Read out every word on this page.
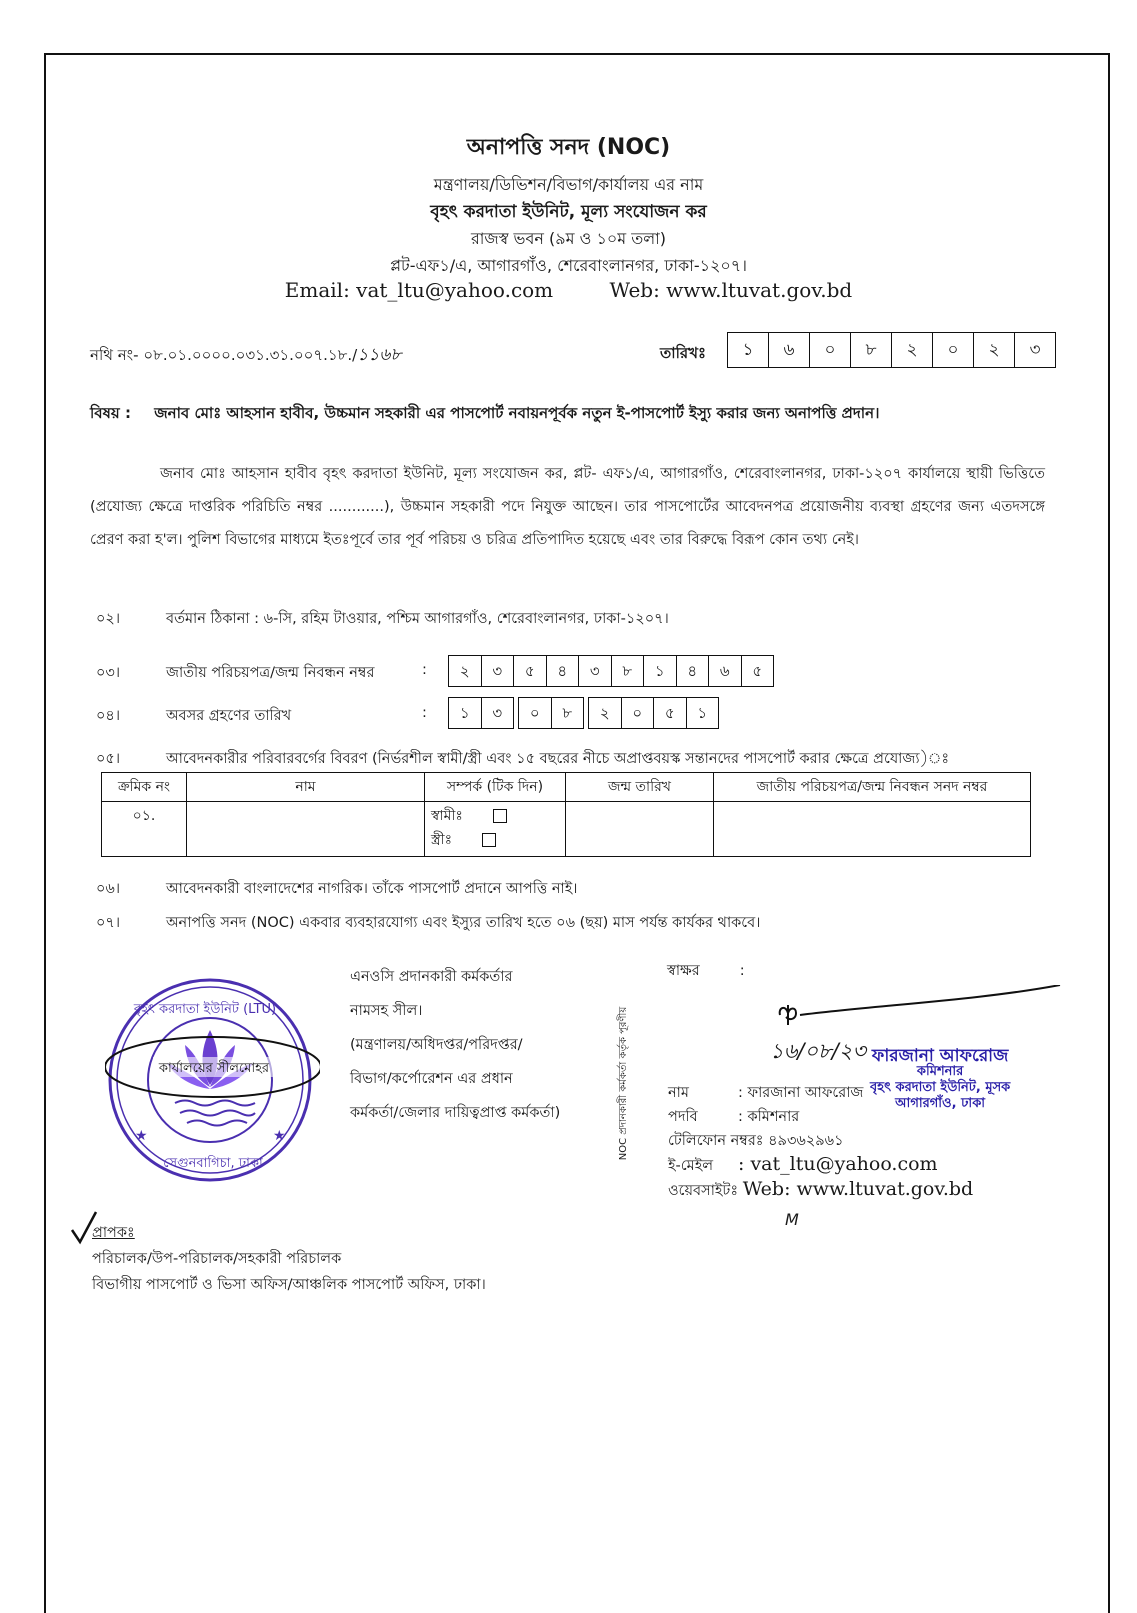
অনাপত্তি সনদ (NOC)
মন্ত্রণালয়/ডিভিশন/বিভাগ/কার্যালয় এর নাম
বৃহৎ করদাতা ইউনিট, মূল্য সংযোজন কর
রাজস্ব ভবন (৯ম ও ১০ম তলা)
প্লট-এফ১/এ, আগারগাঁও, শেরেবাংলানগর, ঢাকা-১২০৭।
Email: vat_ltu@yahoo.com	Web: www.ltuvat.gov.bd
নথি নং- ০৮.০১.০০০০.০৩১.৩১.০০৭.১৮./১১৬৮	তারিখঃ	১	৬	০	৮	২	০	২	৩
বিষয় : জনাব মোঃ আহসান হাবীব, উচ্চমান সহকারী এর পাসপোর্ট নবায়নপূর্বক নতুন ই-পাসপোর্ট ইস্যু করার জন্য অনাপত্তি প্রদান।
জনাব মোঃ আহসান হাবীব বৃহৎ করদাতা ইউনিট, মূল্য সংযোজন কর, প্লট- এফ১/এ, আগারগাঁও, শেরেবাংলানগর, ঢাকা-১২০৭ কার্যালয়ে স্থায়ী ভিত্তিতে (প্রযোজ্য ক্ষেত্রে দাপ্তরিক পরিচিতি নম্বর ............), উচ্চমান সহকারী পদে নিযুক্ত আছেন। তার পাসপোর্টের আবেদনপত্র প্রয়োজনীয় ব্যবস্থা গ্রহণের জন্য এতদসঙ্গে প্রেরণ করা হ'ল। পুলিশ বিভাগের মাধ্যমে ইতঃপূর্বে তার পূর্ব পরিচয় ও চরিত্র প্রতিপাদিত হয়েছে এবং তার বিরুদ্ধে বিরূপ কোন তথ্য নেই।
০২।	বর্তমান ঠিকানা : ৬-সি, রহিম টাওয়ার, পশ্চিম আগারগাঁও, শেরেবাংলানগর, ঢাকা-১২০৭।
০৩।	জাতীয় পরিচয়পত্র/জন্ম নিবন্ধন নম্বর	:	২	৩	৫	৪	৩	৮	১	৪	৬	৫
০৪।	অবসর গ্রহণের তারিখ	:	১	৩	০	৮	২	০	৫	১
০৫।	আবেদনকারীর পরিবারবর্গের বিবরণ (নির্ভরশীল স্বামী/স্ত্রী এবং ১৫ বছরের নীচে অপ্রাপ্তবয়স্ক সন্তানদের পাসপোর্ট করার ক্ষেত্রে প্রযোজ্য)ঃ
ক্রমিক নং	নাম	সম্পর্ক (টিক দিন)	জন্ম তারিখ	জাতীয় পরিচয়পত্র/জন্ম নিবন্ধন সনদ নম্বর
০১.		স্বামীঃ
স্ত্রীঃ		

০৬।	আবেদনকারী বাংলাদেশের নাগরিক। তাঁকে পাসপোর্ট প্রদানে আপত্তি নাই।
০৭।	অনাপত্তি সনদ (NOC) একবার ব্যবহারযোগ্য এবং ইস্যুর তারিখ হতে ০৬ (ছয়) মাস পর্যন্ত কার্যকর থাকবে।
★	★
কার্যালয়ের সীলমোহর
বৃহৎ করদাতা ইউনিট (LTU)
সেগুনবাগিচা, ঢাকা
এনওসি প্রদানকারী কর্মকর্তার
নামসহ সীল।
(মন্ত্রণালয়/অধিদপ্তর/পরিদপ্তর/
বিভাগ/কর্পোরেশন এর প্রধান
কর্মকর্তা/জেলার দায়িত্বপ্রাপ্ত কর্মকর্তা)	NOC প্রদানকারী কর্মকর্তা কর্তৃক পূরণীয়
স্বাক্ষর	:
১৬/০৮/২৩ ফারজানা আফরোজ
কমিশনার
বৃহৎ করদাতা ইউনিট, মূসক
আগারগাঁও, ঢাকা
নাম	: ফারজানা আফরোজ
পদবি	: কমিশনার
টেলিফোন নম্বরঃ ৪৯৩৬২৯৬১
ই-মেইল : vat_ltu@yahoo.com
ওয়েবসাইটঃ Web: www.ltuvat.gov.bd
M
প্রাপকঃ
পরিচালক/উপ-পরিচালক/সহকারী পরিচালক
বিভাগীয় পাসপোর্ট ও ভিসা অফিস/আঞ্চলিক পাসপোর্ট অফিস, ঢাকা।
